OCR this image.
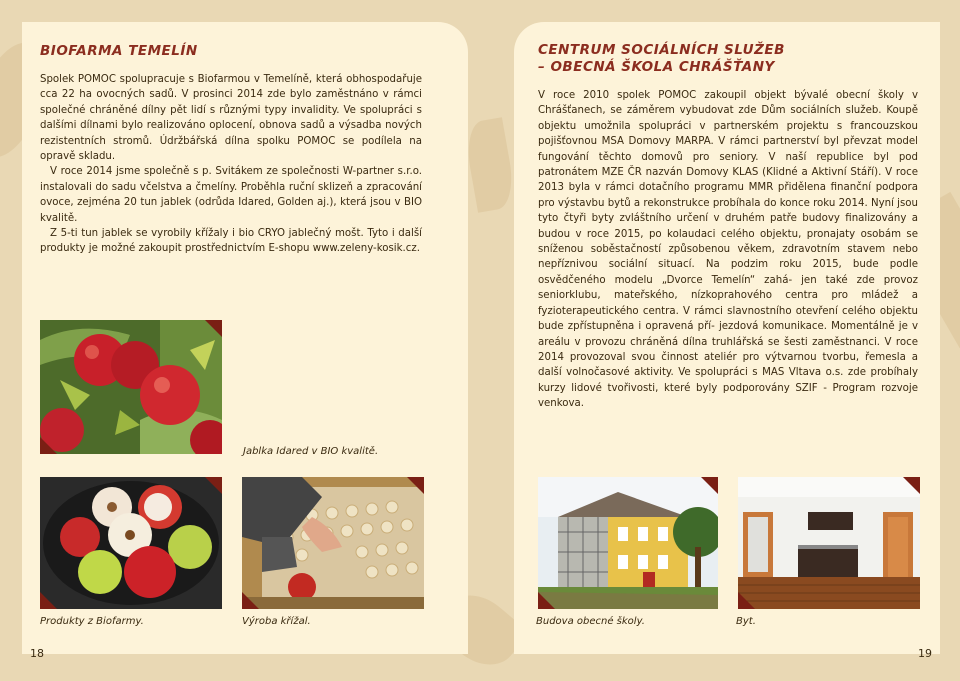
BIOFARMA TEMELÍN

Spolek POMOC spolupracuje s Biofarmou v Temelíně, která obhospodařuje cca 22 ha ovocných sadů. V prosinci 2014 zde bylo zaměstnáno v rámci společné chráněné dílny pět lidí s různými typy invalidity. Ve spolupráci s dalšími dílnami bylo realizováno oplocení, obnova sadů a výsadba nových rezistentních stromů. Údržbářská dílna spolku POMOC se podílela na opravě skladu.

V roce 2014 jsme společně s p. Svitákem ze společnosti W-partner s.r.o. instalovali do sadu včelstva a čmelíny. Proběhla ruční sklizeň a zpracování ovoce, zejména 20 tun jablek (odrůda Idared, Golden aj.), která jsou v BIO kvalitě.

Z 5-ti tun jablek se vyrobily křížaly i bio CRYO jablečný mošt. Tyto i další produkty je možné zakoupit prostřednictvím E-shopu www.zeleny-kosik.cz.

Jablka Idared v BIO kvalitě.
Produkty z Biofarmy.	Výroba křížal.
18
CENTRUM SOCIÁLNÍCH SLUŽEB
– OBECNÁ ŠKOLA CHRÁŠŤANY

V roce 2010 spolek POMOC zakoupil objekt bývalé obecní školy v Chrášťanech, se záměrem vybudovat zde Dům sociálních služeb. Koupě objektu umožnila spolupráci v partnerském projektu s francouzskou pojišťovnou MSA Domovy MARPA. V rámci partnerství byl převzat model fungování těchto domovů pro seniory. V naší republice byl pod patronátem MZE ČR nazván Domovy KLAS (Klidné a Aktivní Stáří). V roce 2013 byla v rámci dotačního programu MMR přidělena finanční podpora pro výstavbu bytů a rekonstrukce probíhala do konce roku 2014. Nyní jsou tyto čtyři byty zvláštního určení v druhém patře budovy finalizovány a budou v roce 2015, po kolaudaci celého objektu, pronajaty osobám se sníženou soběstačností způsobenou věkem, zdravotním stavem nebo nepříznivou sociální situací. Na podzim roku 2015, bude podle osvědčeného modelu „Dvorce Temelín“ zahá- jen také zde provoz seniorklubu, mateřského, nízkoprahového centra pro mládež a fyzioterapeutického centra. V rámci slavnostního otevření celého objektu bude zpřístupněna i opravená pří- jezdová komunikace. Momentálně je v areálu v provozu chráněná dílna truhlářská se šesti zaměstnanci. V roce 2014 provozoval svou činnost ateliér pro výtvarnou tvorbu, řemesla a další volnočasové aktivity. Ve spolupráci s MAS Vltava o.s. zde probíhaly kurzy lidové tvořivosti, které byly podporovány SZIF - Program rozvoje venkova.

Budova obecné školy.	Byt.
19
